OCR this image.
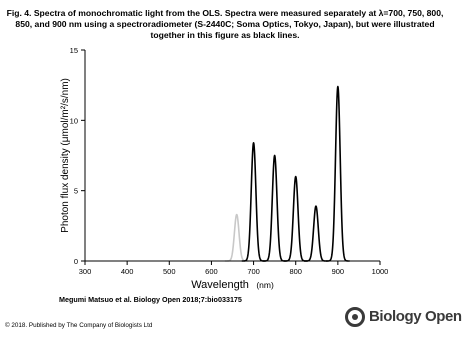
Fig. 4. Spectra of monochromatic light from the OLS. Spectra were measured separately at λ=700, 750, 800, 850, and 900 nm using a spectroradiometer (S-2440C; Soma Optics, Tokyo, Japan), but were illustrated together in this figure as black lines.
0
5
10
15
300	400	500	600	700	800	900	1000
Photon flux density (μmol/m²/s/nm)
Wavelength (nm)
Megumi Matsuo et al. Biology Open 2018;7:bio033175
© 2018. Published by The Company of Biologists Ltd
Biology Open
